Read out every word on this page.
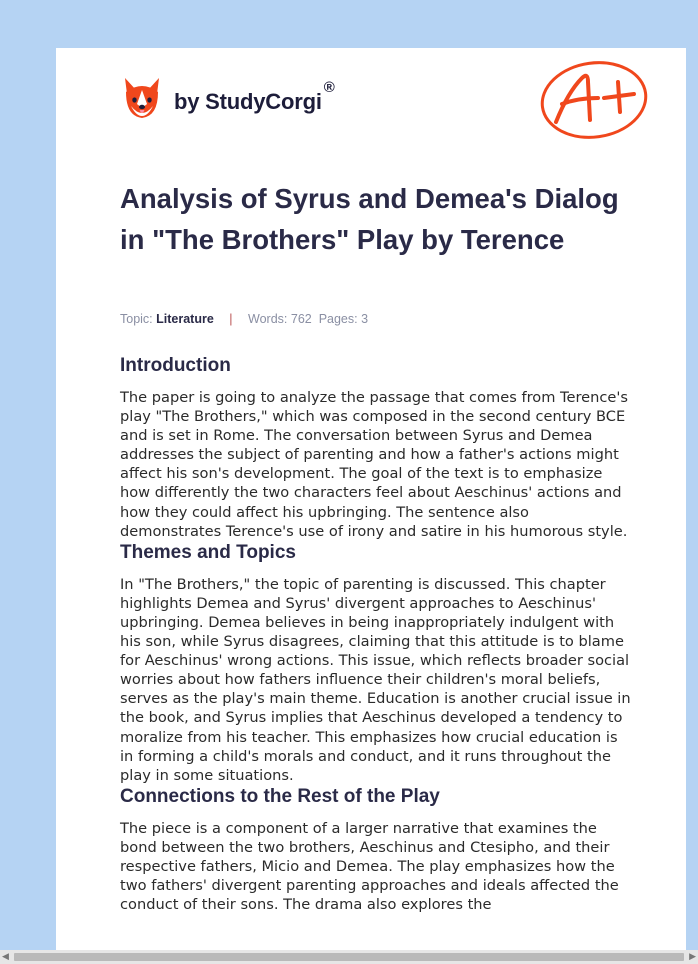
by StudyCorgi®
Analysis of Syrus and Demea's Dialog in "The Brothers" Play by Terence
Topic: Literature | Words: 762 Pages: 3
Introduction

The paper is going to analyze the passage that comes from Terence's play "The Brothers," which was composed in the second century BCE and is set in Rome. The conversation between Syrus and Demea addresses the subject of parenting and how a father's actions might affect his son's development. The goal of the text is to emphasize how differently the two characters feel about Aeschinus' actions and how they could affect his upbringing. The sentence also demonstrates Terence's use of irony and satire in his humorous style.

Themes and Topics

In "The Brothers," the topic of parenting is discussed. This chapter highlights Demea and Syrus' divergent approaches to Aeschinus' upbringing. Demea believes in being inappropriately indulgent with his son, while Syrus disagrees, claiming that this attitude is to blame for Aeschinus' wrong actions. This issue, which reflects broader social worries about how fathers influence their children's moral beliefs, serves as the play's main theme. Education is another crucial issue in the book, and Syrus implies that Aeschinus developed a tendency to moralize from his teacher. This emphasizes how crucial education is in forming a child's morals and conduct, and it runs throughout the play in some situations.

Connections to the Rest of the Play

The piece is a component of a larger narrative that examines the bond between the two brothers, Aeschinus and Ctesipho, and their respective fathers, Micio and Demea. The play emphasizes how the two fathers' divergent parenting approaches and ideals affected the conduct of their sons. The drama also explores the

◀	▶
